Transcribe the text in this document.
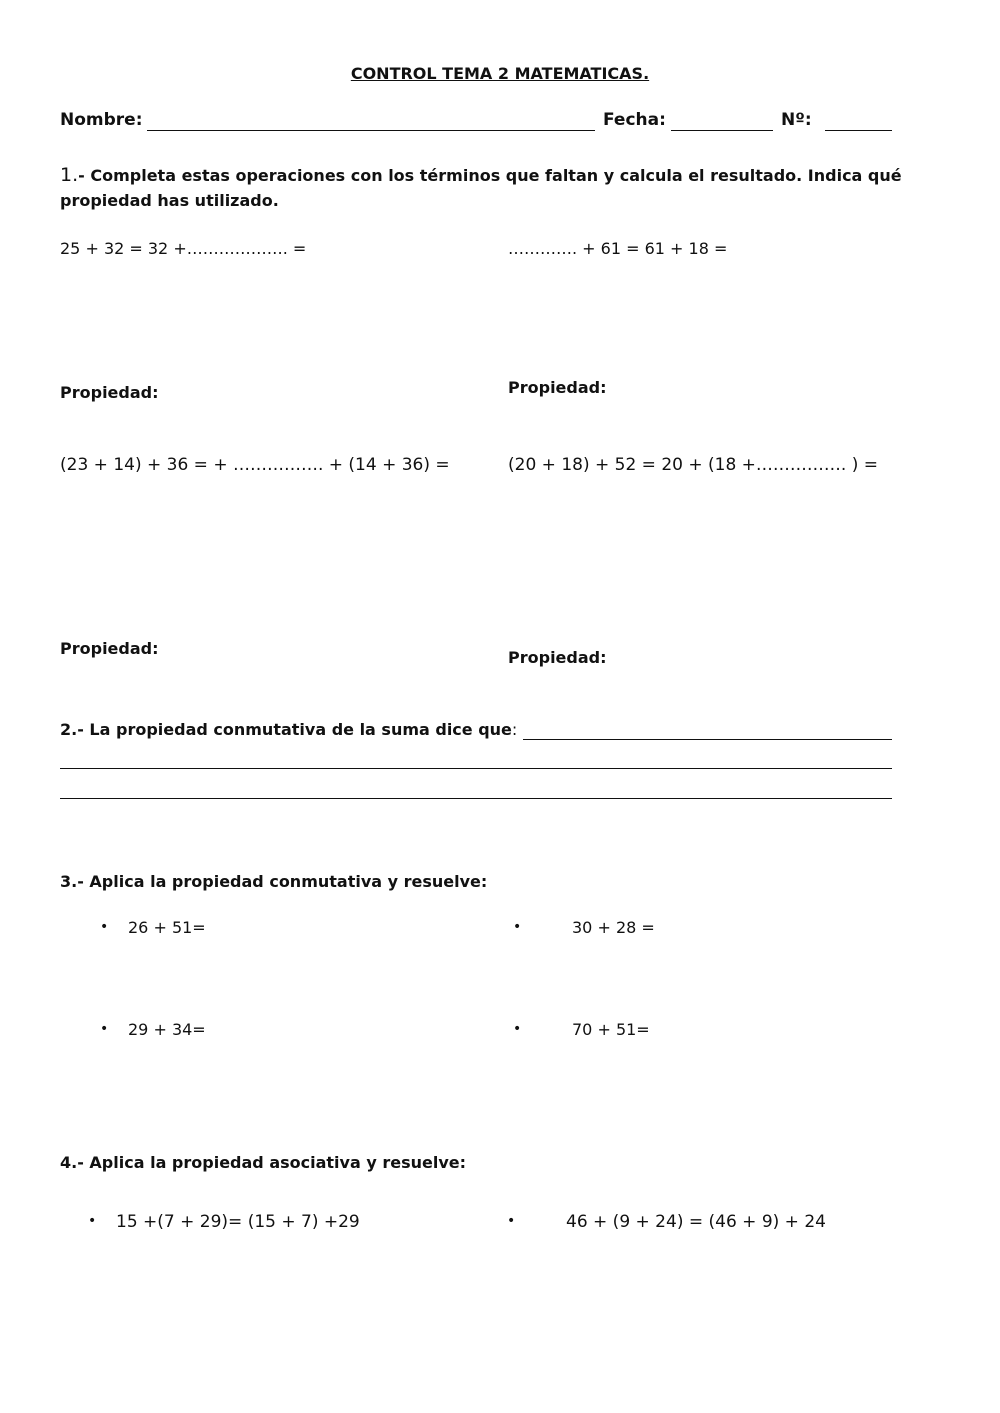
CONTROL TEMA 2 MATEMATICAS.
Nombre:	Fecha:	Nº:
1.- Completa estas operaciones con los términos que faltan y calcula el resultado. Indica qué
propiedad has utilizado.
25 + 32 = 32 +………………. =	…………. + 61 = 61 + 18 =
Propiedad:	Propiedad:
(23 + 14) + 36 = + ……………. + (14 + 36) =	(20 + 18) + 52 = 20 + (18 +……………. ) =
Propiedad:	Propiedad:
2.- La propiedad conmutativa de la suma dice que:
3.- Aplica la propiedad conmutativa y resuelve:
• 26 + 51=	•	30 + 28 =
• 29 + 34=	•	70 + 51=
4.- Aplica la propiedad asociativa y resuelve:
• 15 +(7 + 29)= (15 + 7) +29	•	46 + (9 + 24) = (46 + 9) + 24
